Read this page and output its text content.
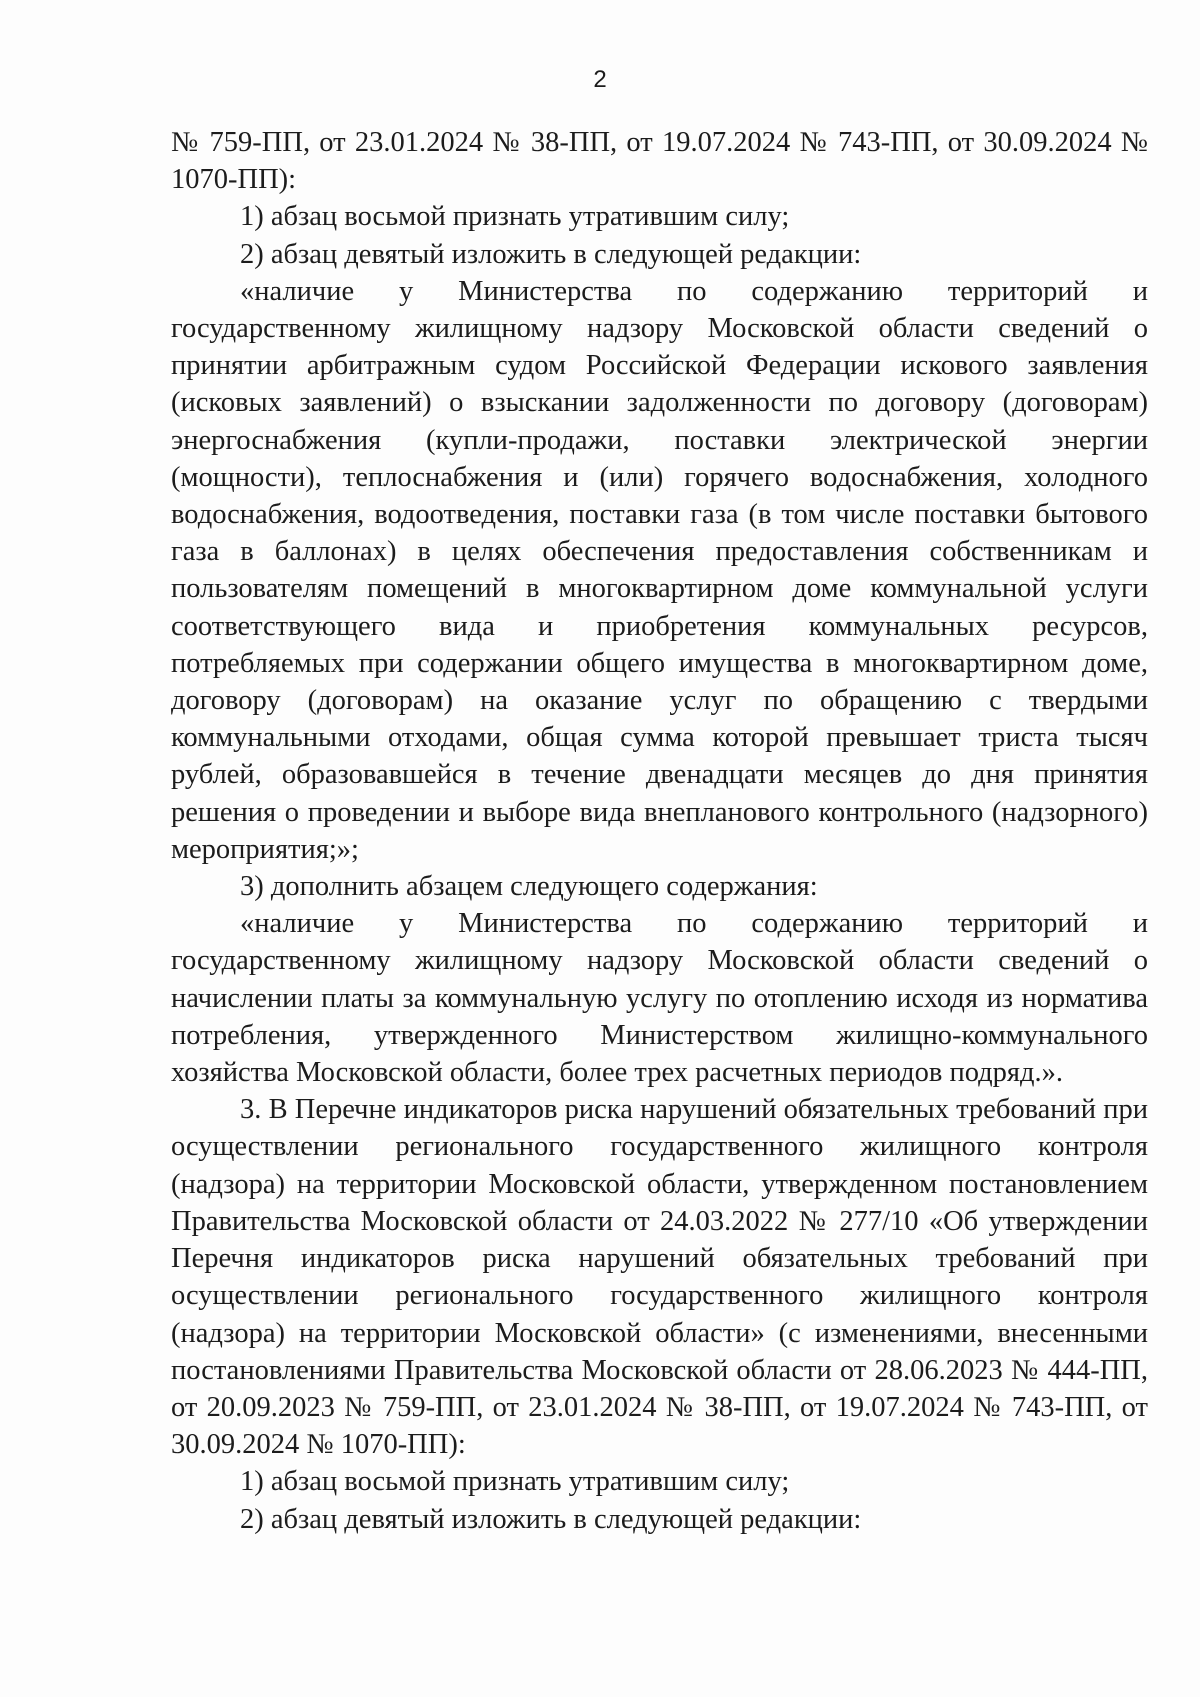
2

№ 759-ПП, от 23.01.2024 № 38-ПП, от 19.07.2024 № 743-ПП, от 30.09.2024 № 1070-ПП):

1) абзац восьмой признать утратившим силу;

2) абзац девятый изложить в следующей редакции:

«наличие у Министерства по содержанию территорий и государственному жилищному надзору Московской области сведений о принятии арбитражным судом Российской Федерации искового заявления (исковых заявлений) о взыскании задолженности по договору (договорам) энергоснабжения (купли-продажи, поставки электрической энергии (мощности), теплоснабжения и (или) горячего водоснабжения, холодного водоснабжения, водоотведения, поставки газа (в том числе поставки бытового газа в баллонах) в целях обеспечения предоставления собственникам и пользователям помещений в многоквартирном доме коммунальной услуги соответствующего вида и приобретения коммунальных ресурсов, потребляемых при содержании общего имущества в многоквартирном доме, договору (договорам) на оказание услуг по обращению с твердыми коммунальными отходами, общая сумма которой превышает триста тысяч рублей, образовавшейся в течение двенадцати месяцев до дня принятия решения о проведении и выборе вида внепланового контрольного (надзорного) мероприятия;»;

3) дополнить абзацем следующего содержания:

«наличие у Министерства по содержанию территорий и государственному жилищному надзору Московской области сведений о начислении платы за коммунальную услугу по отоплению исходя из норматива потребления, утвержденного Министерством жилищно-коммунального хозяйства Московской области, более трех расчетных периодов подряд.».

3. В Перечне индикаторов риска нарушений обязательных требований при осуществлении регионального государственного жилищного контроля (надзора) на территории Московской области, утвержденном постановлением Правительства Московской области от 24.03.2022 № 277/10 «Об утверждении Перечня индикаторов риска нарушений обязательных требований при осуществлении регионального государственного жилищного контроля (надзора) на территории Московской области» (с изменениями, внесенными постановлениями Правительства Московской области от 28.06.2023 № 444-ПП, от 20.09.2023 № 759-ПП, от 23.01.2024 № 38-ПП, от 19.07.2024 № 743-ПП, от 30.09.2024 № 1070-ПП):

1) абзац восьмой признать утратившим силу;

2) абзац девятый изложить в следующей редакции:
